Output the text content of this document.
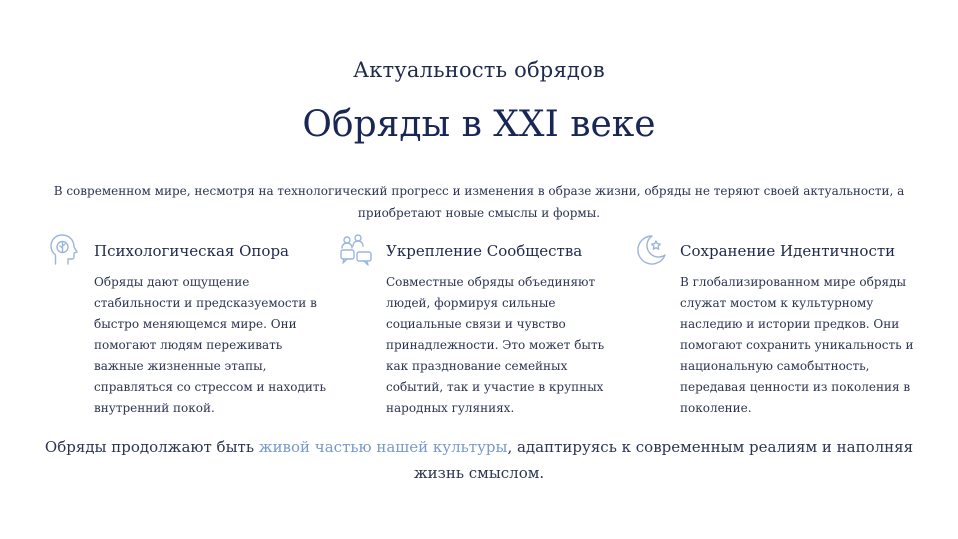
Актуальность обрядов
Обряды в XXI веке
В современном мире, несмотря на технологический прогресс и изменения в образе жизни, обряды не теряют своей актуальности, а приобретают новые смыслы и формы.
Психологическая Опора
Обряды дают ощущение стабильности и предсказуемости в быстро меняющемся мире. Они помогают людям переживать важные жизненные этапы, справляться со стрессом и находить внутренний покой.
Укрепление Сообщества
Совместные обряды объединяют людей, формируя сильные социальные связи и чувство принадлежности. Это может быть как празднование семейных событий, так и участие в крупных народных гуляниях.
Сохранение Идентичности
В глобализированном мире обряды служат мостом к культурному наследию и истории предков. Они помогают сохранить уникальность и национальную самобытность, передавая ценности из поколения в поколение.
Обряды продолжают быть живой частью нашей культуры, адаптируясь к современным реалиям и наполняя жизнь смыслом.
